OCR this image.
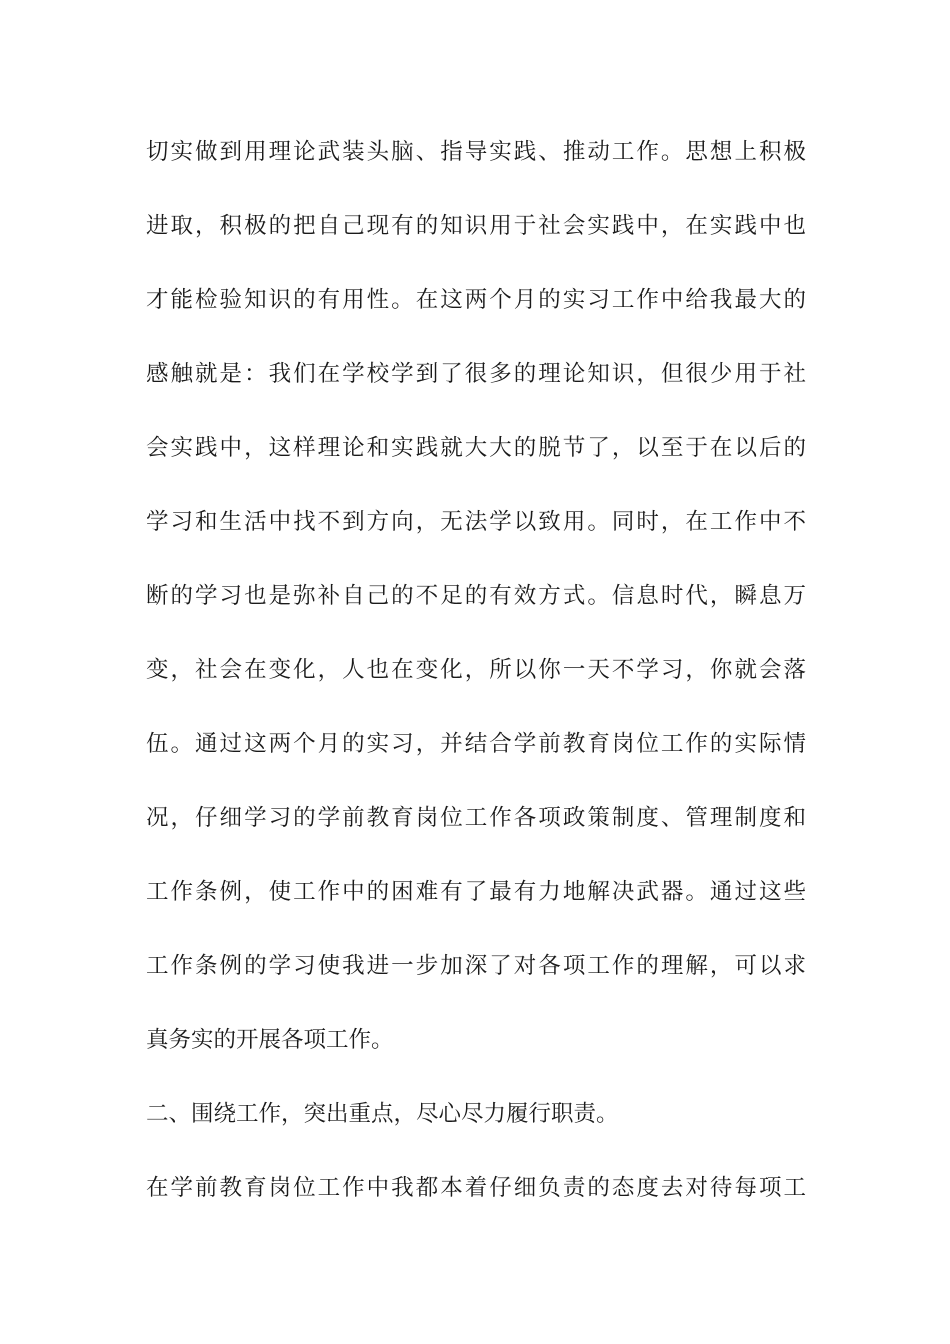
切实做到用理论武装头脑、指导实践、推动工作。思想上积极

进取，积极的把自己现有的知识用于社会实践中，在实践中也

才能检验知识的有用性。在这两个月的实习工作中给我最大的

感触就是：我们在学校学到了很多的理论知识，但很少用于社

会实践中，这样理论和实践就大大的脱节了，以至于在以后的

学习和生活中找不到方向，无法学以致用。同时，在工作中不

断的学习也是弥补自己的不足的有效方式。信息时代，瞬息万

变，社会在变化，人也在变化，所以你一天不学习，你就会落

伍。通过这两个月的实习，并结合学前教育岗位工作的实际情

况，仔细学习的学前教育岗位工作各项政策制度、管理制度和

工作条例，使工作中的困难有了最有力地解决武器。通过这些

工作条例的学习使我进一步加深了对各项工作的理解，可以求

真务实的开展各项工作。

二、围绕工作，突出重点，尽心尽力履行职责。

在学前教育岗位工作中我都本着仔细负责的态度去对待每项工
